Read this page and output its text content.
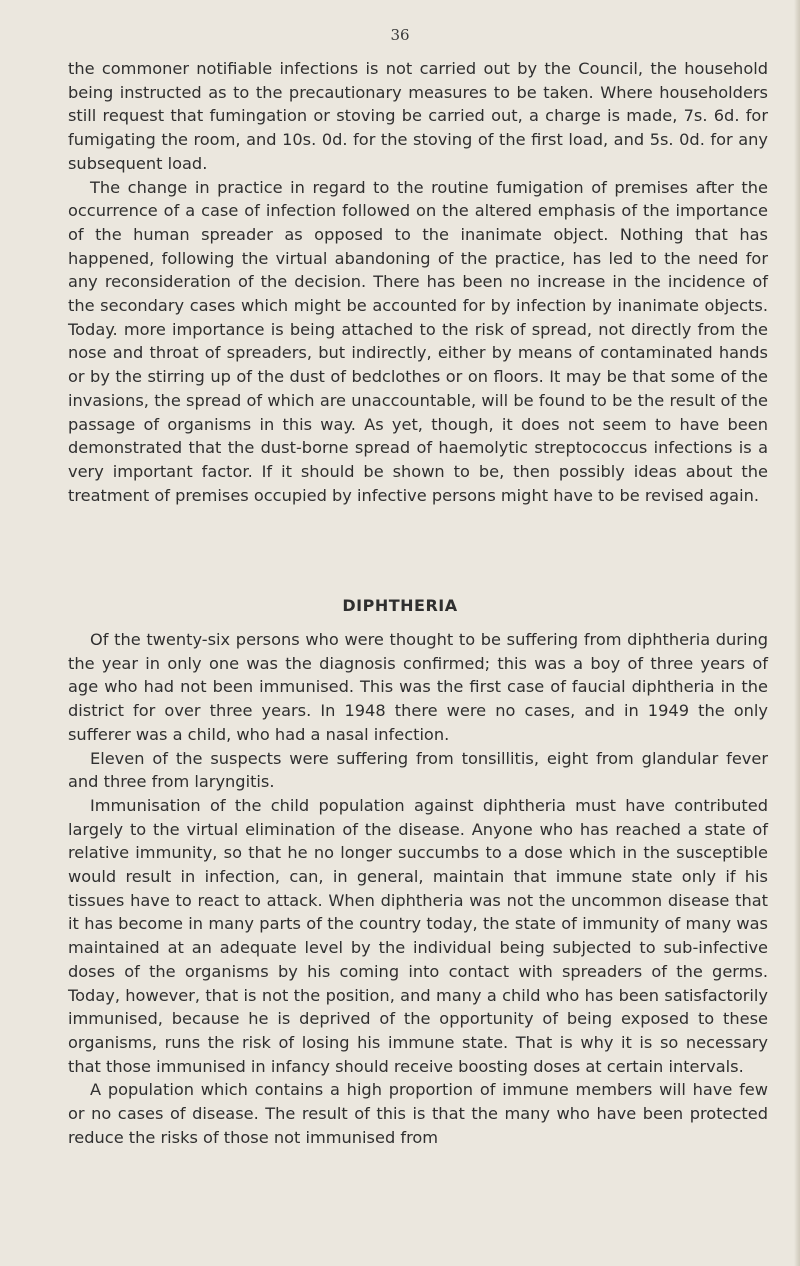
36

the commoner notifiable infections is not carried out by the Council, the household being instructed as to the precautionary measures to be taken. Where householders still request that fumingation or stoving be carried out, a charge is made, 7s. 6d. for fumigating the room, and 10s. 0d. for the stoving of the first load, and 5s. 0d. for any subsequent load.

The change in practice in regard to the routine fumigation of premises after the occurrence of a case of infection followed on the altered emphasis of the importance of the human spreader as opposed to the inanimate object. Nothing that has happened, following the virtual abandoning of the practice, has led to the need for any reconsideration of the decision. There has been no increase in the incidence of the secondary cases which might be accounted for by infection by inanimate objects. Today. more importance is being attached to the risk of spread, not directly from the nose and throat of spreaders, but indirectly, either by means of contaminated hands or by the stirring up of the dust of bedclothes or on floors. It may be that some of the invasions, the spread of which are unaccountable, will be found to be the result of the passage of organisms in this way. As yet, though, it does not seem to have been demonstrated that the dust-borne spread of haemolytic streptococcus infections is a very important factor. If it should be shown to be, then possibly ideas about the treatment of premises occupied by infective persons might have to be revised again.

DIPHTHERIA

Of the twenty-six persons who were thought to be suffering from diphtheria during the year in only one was the diagnosis confirmed; this was a boy of three years of age who had not been immunised. This was the first case of faucial diphtheria in the district for over three years. In 1948 there were no cases, and in 1949 the only sufferer was a child, who had a nasal infection.

Eleven of the suspects were suffering from tonsillitis, eight from glandular fever and three from laryngitis.

Immunisation of the child population against diphtheria must have contributed largely to the virtual elimination of the disease. Anyone who has reached a state of relative immunity, so that he no longer succumbs to a dose which in the susceptible would result in infection, can, in general, maintain that immune state only if his tissues have to react to attack. When diphtheria was not the uncommon disease that it has become in many parts of the country today, the state of immunity of many was maintained at an adequate level by the individual being subjected to sub-infective doses of the organisms by his coming into contact with spreaders of the germs. Today, however, that is not the position, and many a child who has been satisfactorily immunised, because he is deprived of the opportunity of being exposed to these organisms, runs the risk of losing his immune state. That is why it is so necessary that those immunised in infancy should receive boosting doses at certain intervals.

A population which contains a high proportion of immune members will have few or no cases of disease. The result of this is that the many who have been protected reduce the risks of those not immunised from
